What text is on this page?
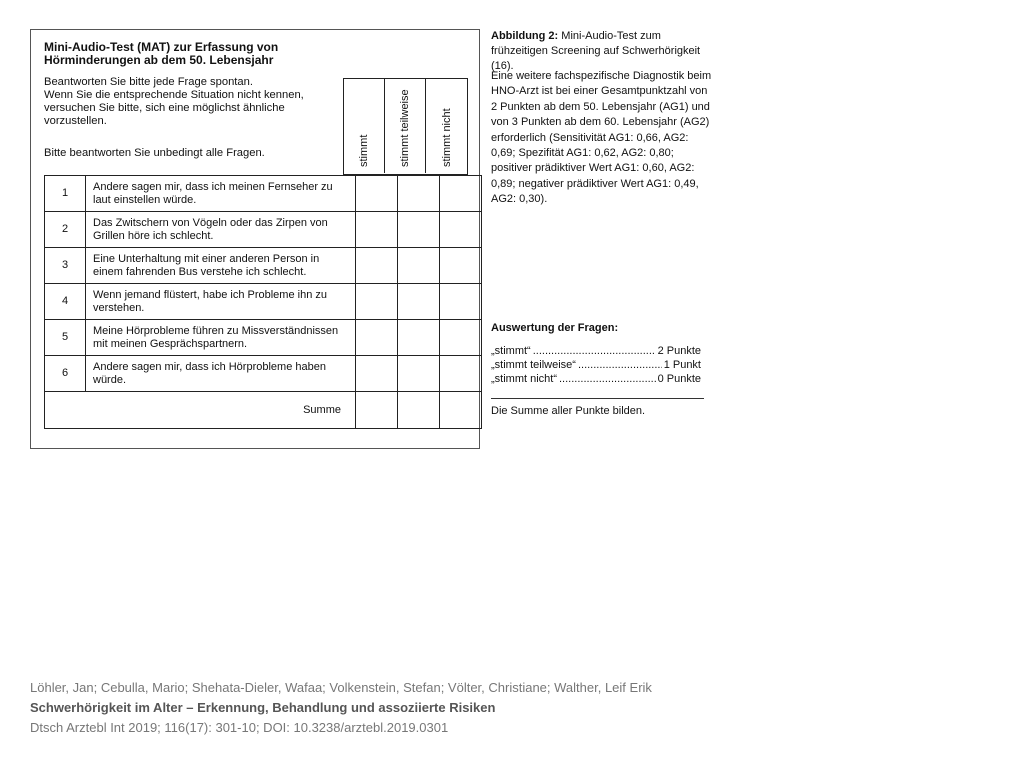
Mini-Audio-Test (MAT) zur Erfassung von Hörminderungen ab dem 50. Lebensjahr
Beantworten Sie bitte jede Frage spontan.
Wenn Sie die entsprechende Situation nicht kennen,
versuchen Sie bitte, sich eine möglichst ähnliche
vorzustellen.
Bitte beantworten Sie unbedingt alle Fragen.	stimmt	stimmt teilweise	stimmt nicht
1	Andere sagen mir, dass ich meinen Fernseher zu laut einstellen würde.			
2	Das Zwitschern von Vögeln oder das Zirpen von Grillen höre ich schlecht.			
3	Eine Unterhaltung mit einer anderen Person in einem fahrenden Bus verstehe ich schlecht.			
4	Wenn jemand flüstert, habe ich Probleme ihn zu verstehen.			
5	Meine Hörprobleme führen zu Missverständnissen mit meinen Gesprächspartnern.			
6	Andere sagen mir, dass ich Hörprobleme haben würde.			
Summe				
Abbildung 2: Mini-Audio-Test zum frühzeitigen Screening auf Schwerhörigkeit (16).
Eine weitere fachspezifische Diagnostik beim HNO-Arzt ist bei einer Gesamtpunktzahl von 2 Punkten ab dem 50. Lebensjahr (AG1) und von 3 Punkten ab dem 60. Lebensjahr (AG2) erforderlich (Sensitivität AG1: 0,66, AG2: 0,69; Spezifität AG1: 0,62, AG2: 0,80; positiver prädiktiver Wert AG1: 0,60, AG2: 0,89; negativer prädiktiver Wert AG1: 0,49, AG2: 0,30).
Auswertung der Fragen:
„stimmt“ .....	2 Punkte
„stimmt teilweise“ .....	1 Punkt
„stimmt nicht“ .....	0 Punkte
Die Summe aller Punkte bilden.
Löhler, Jan; Cebulla, Mario; Shehata-Dieler, Wafaa; Volkenstein, Stefan; Völter, Christiane; Walther, Leif Erik
Schwerhörigkeit im Alter – Erkennung, Behandlung und assoziierte Risiken
Dtsch Arztebl Int 2019; 116(17): 301-10; DOI: 10.3238/arztebl.2019.0301
